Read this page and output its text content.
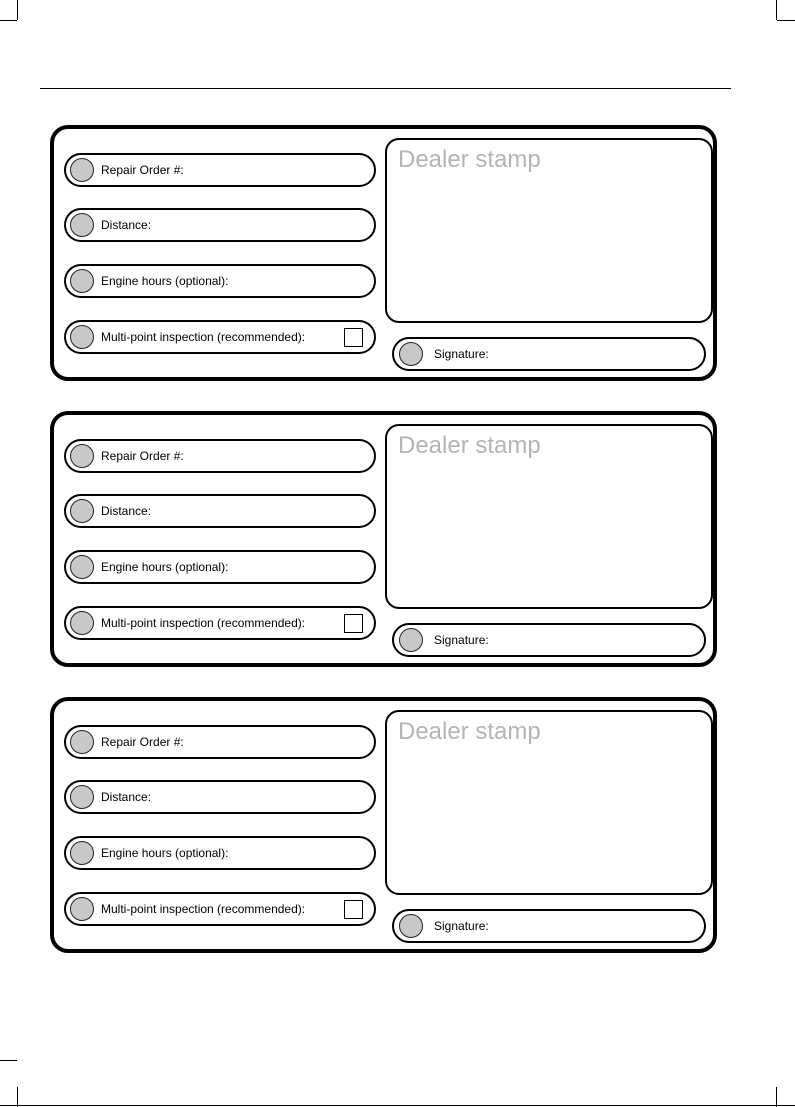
Repair Order #:
Distance:
Engine hours (optional):
Multi-point inspection (recommended):
Dealer stamp
Signature:
Repair Order #:
Distance:
Engine hours (optional):
Multi-point inspection (recommended):
Dealer stamp
Signature:
Repair Order #:
Distance:
Engine hours (optional):
Multi-point inspection (recommended):
Dealer stamp
Signature:
